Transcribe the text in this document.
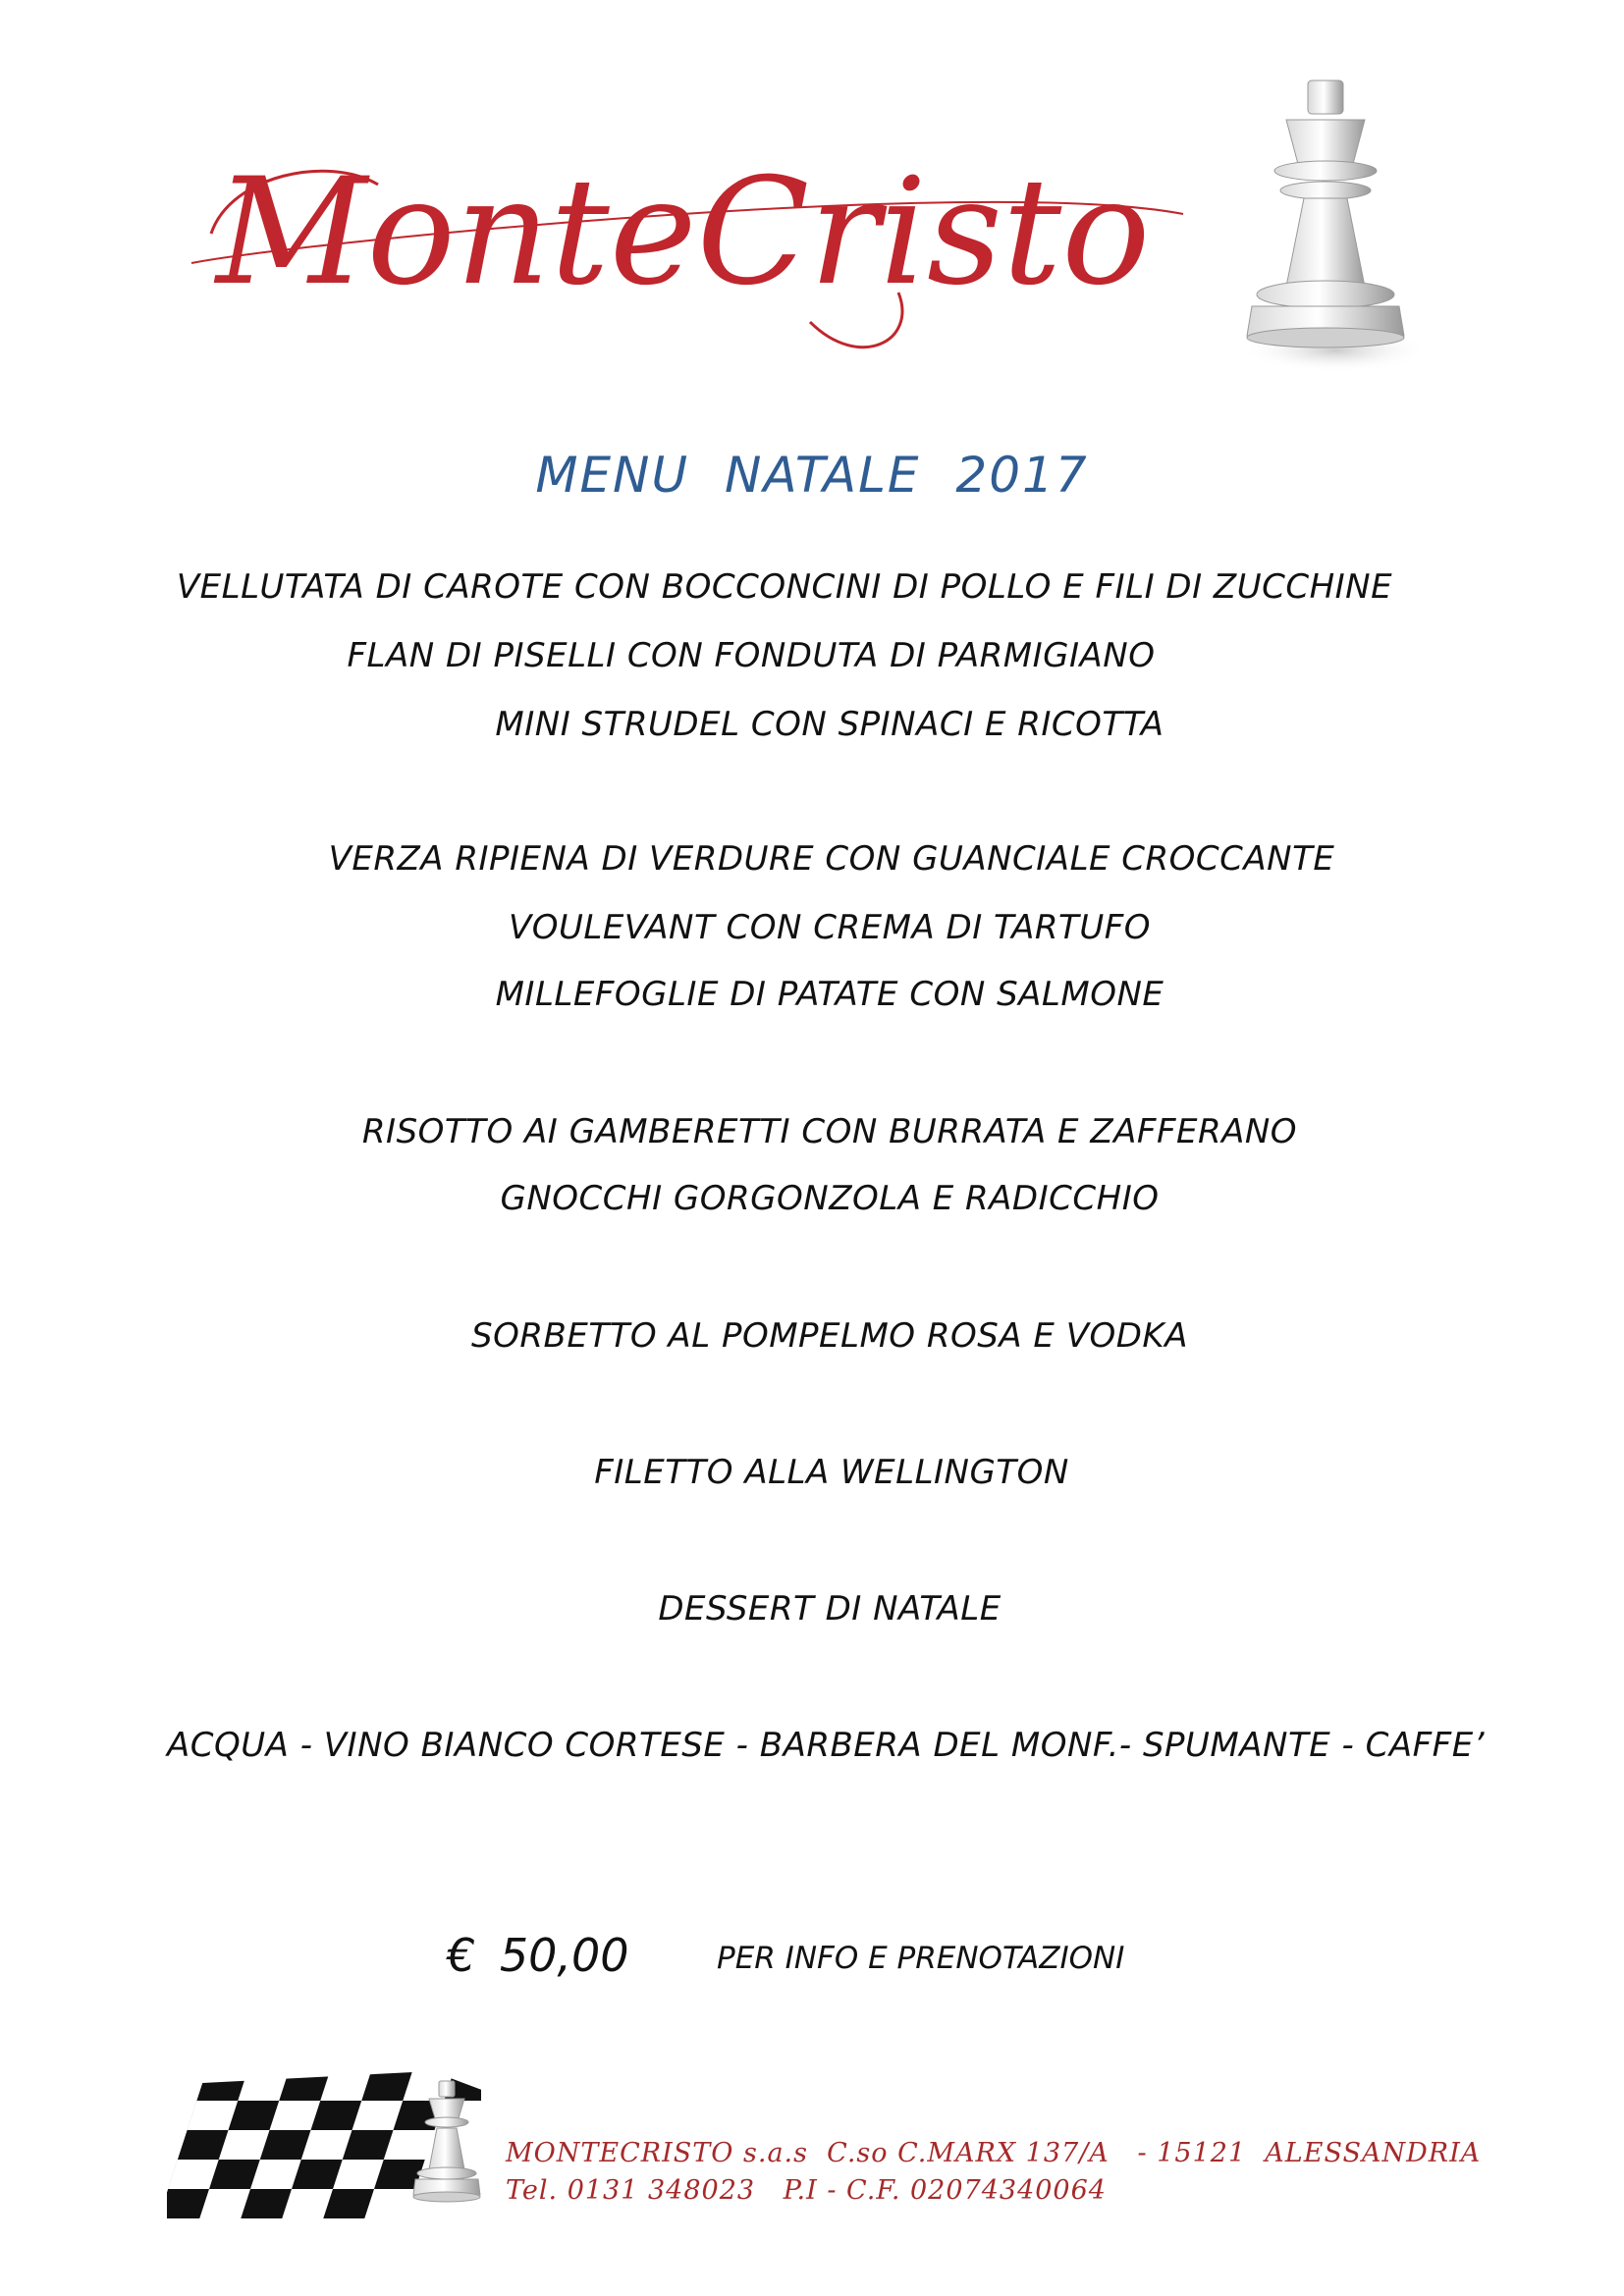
MonteCristo
MENU NATALE 2017
VELLUTATA DI CAROTE CON BOCCONCINI DI POLLO E FILI DI ZUCCHINE
FLAN DI PISELLI CON FONDUTA DI PARMIGIANO
MINI STRUDEL CON SPINACI E RICOTTA
VERZA RIPIENA DI VERDURE CON GUANCIALE CROCCANTE
VOULEVANT CON CREMA DI TARTUFO
MILLEFOGLIE DI PATATE CON SALMONE
RISOTTO AI GAMBERETTI CON BURRATA E ZAFFERANO
GNOCCHI GORGONZOLA E RADICCHIO
SORBETTO AL POMPELMO ROSA E VODKA
FILETTO ALLA WELLINGTON
DESSERT DI NATALE
ACQUA - VINO BIANCO CORTESE - BARBERA DEL MONF.- SPUMANTE - CAFFE’
€ 50,00	PER INFO E PRENOTAZIONI
MONTECRISTO s.a.s  C.so C.MARX 137/A   - 15121  ALESSANDRIA
Tel. 0131 348023   P.I - C.F. 02074340064
